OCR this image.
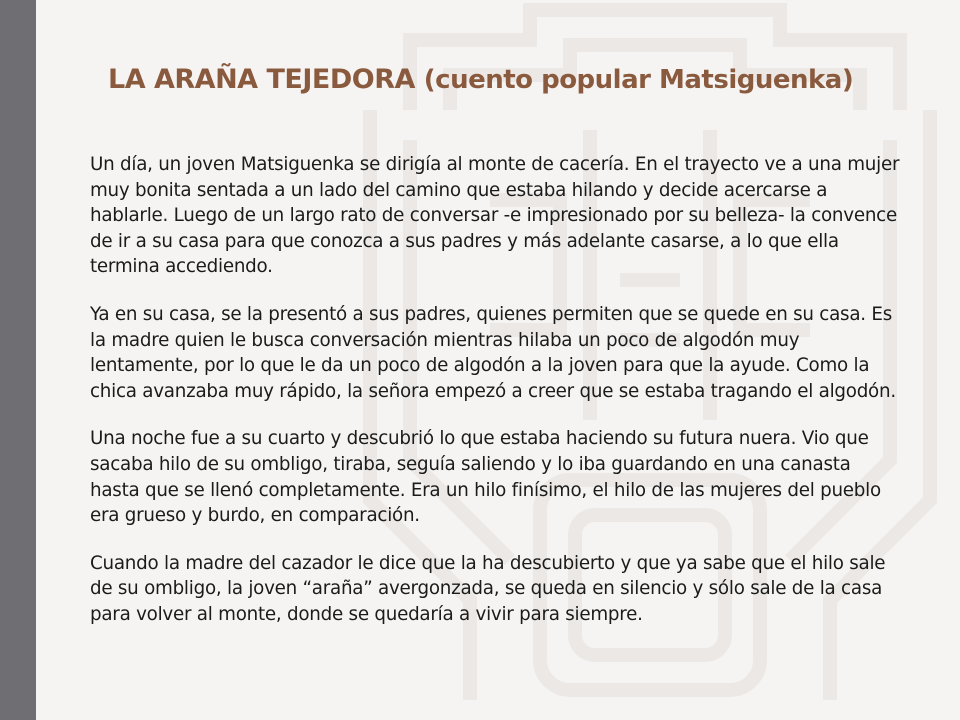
LA ARAÑA TEJEDORA (cuento popular Matsiguenka)

Un día, un joven Matsiguenka se dirigía al monte de cacería. En el trayecto ve a una mujer muy bonita sentada a un lado del camino que estaba hilando y decide acercarse a hablarle. Luego de un largo rato de conversar -e impresionado por su belleza- la convence de ir a su casa para que conozca a sus padres y más adelante casarse, a lo que ella termina accediendo.

Ya en su casa, se la presentó a sus padres, quienes permiten que se quede en su casa. Es la madre quien le busca conversación mientras hilaba un poco de algodón muy lentamente, por lo que le da un poco de algodón a la joven para que la ayude. Como la chica avanzaba muy rápido, la señora empezó a creer que se estaba tragando el algodón.

Una noche fue a su cuarto y descubrió lo que estaba haciendo su futura nuera. Vio que sacaba hilo de su ombligo, tiraba, seguía saliendo y lo iba guardando en una canasta hasta que se llenó completamente. Era un hilo finísimo, el hilo de las mujeres del pueblo era grueso y burdo, en comparación.

Cuando la madre del cazador le dice que la ha descubierto y que ya sabe que el hilo sale de su ombligo, la joven “araña” avergonzada, se queda en silencio y sólo sale de la casa para volver al monte, donde se quedaría a vivir para siempre.
